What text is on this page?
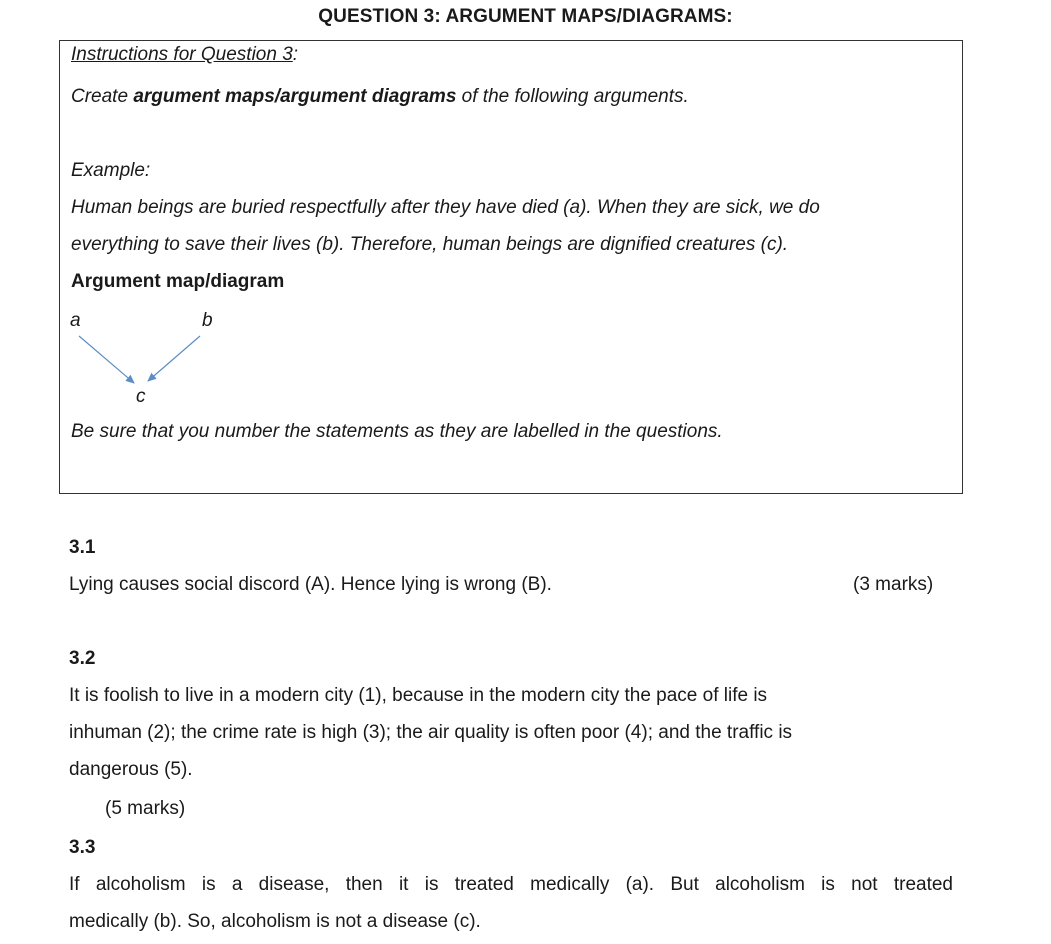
QUESTION 3: ARGUMENT MAPS/DIAGRAMS:
Instructions for Question 3:
Create argument maps/argument diagrams of the following arguments.
Example:
Human beings are buried respectfully after they have died (a). When they are sick, we do
everything to save their lives (b). Therefore, human beings are dignified creatures (c).
Argument map/diagram
a	b
c
Be sure that you number the statements as they are labelled in the questions.
3.1
Lying causes social discord (A). Hence lying is wrong (B).	(3 marks)
3.2
It is foolish to live in a modern city (1), because in the modern city the pace of life is
inhuman (2); the crime rate is high (3); the air quality is often poor (4); and the traffic is
dangerous (5).
(5 marks)
3.3
If alcoholism is a disease, then it is treated medically (a). But alcoholism is not treated
medically (b). So, alcoholism is not a disease (c).
